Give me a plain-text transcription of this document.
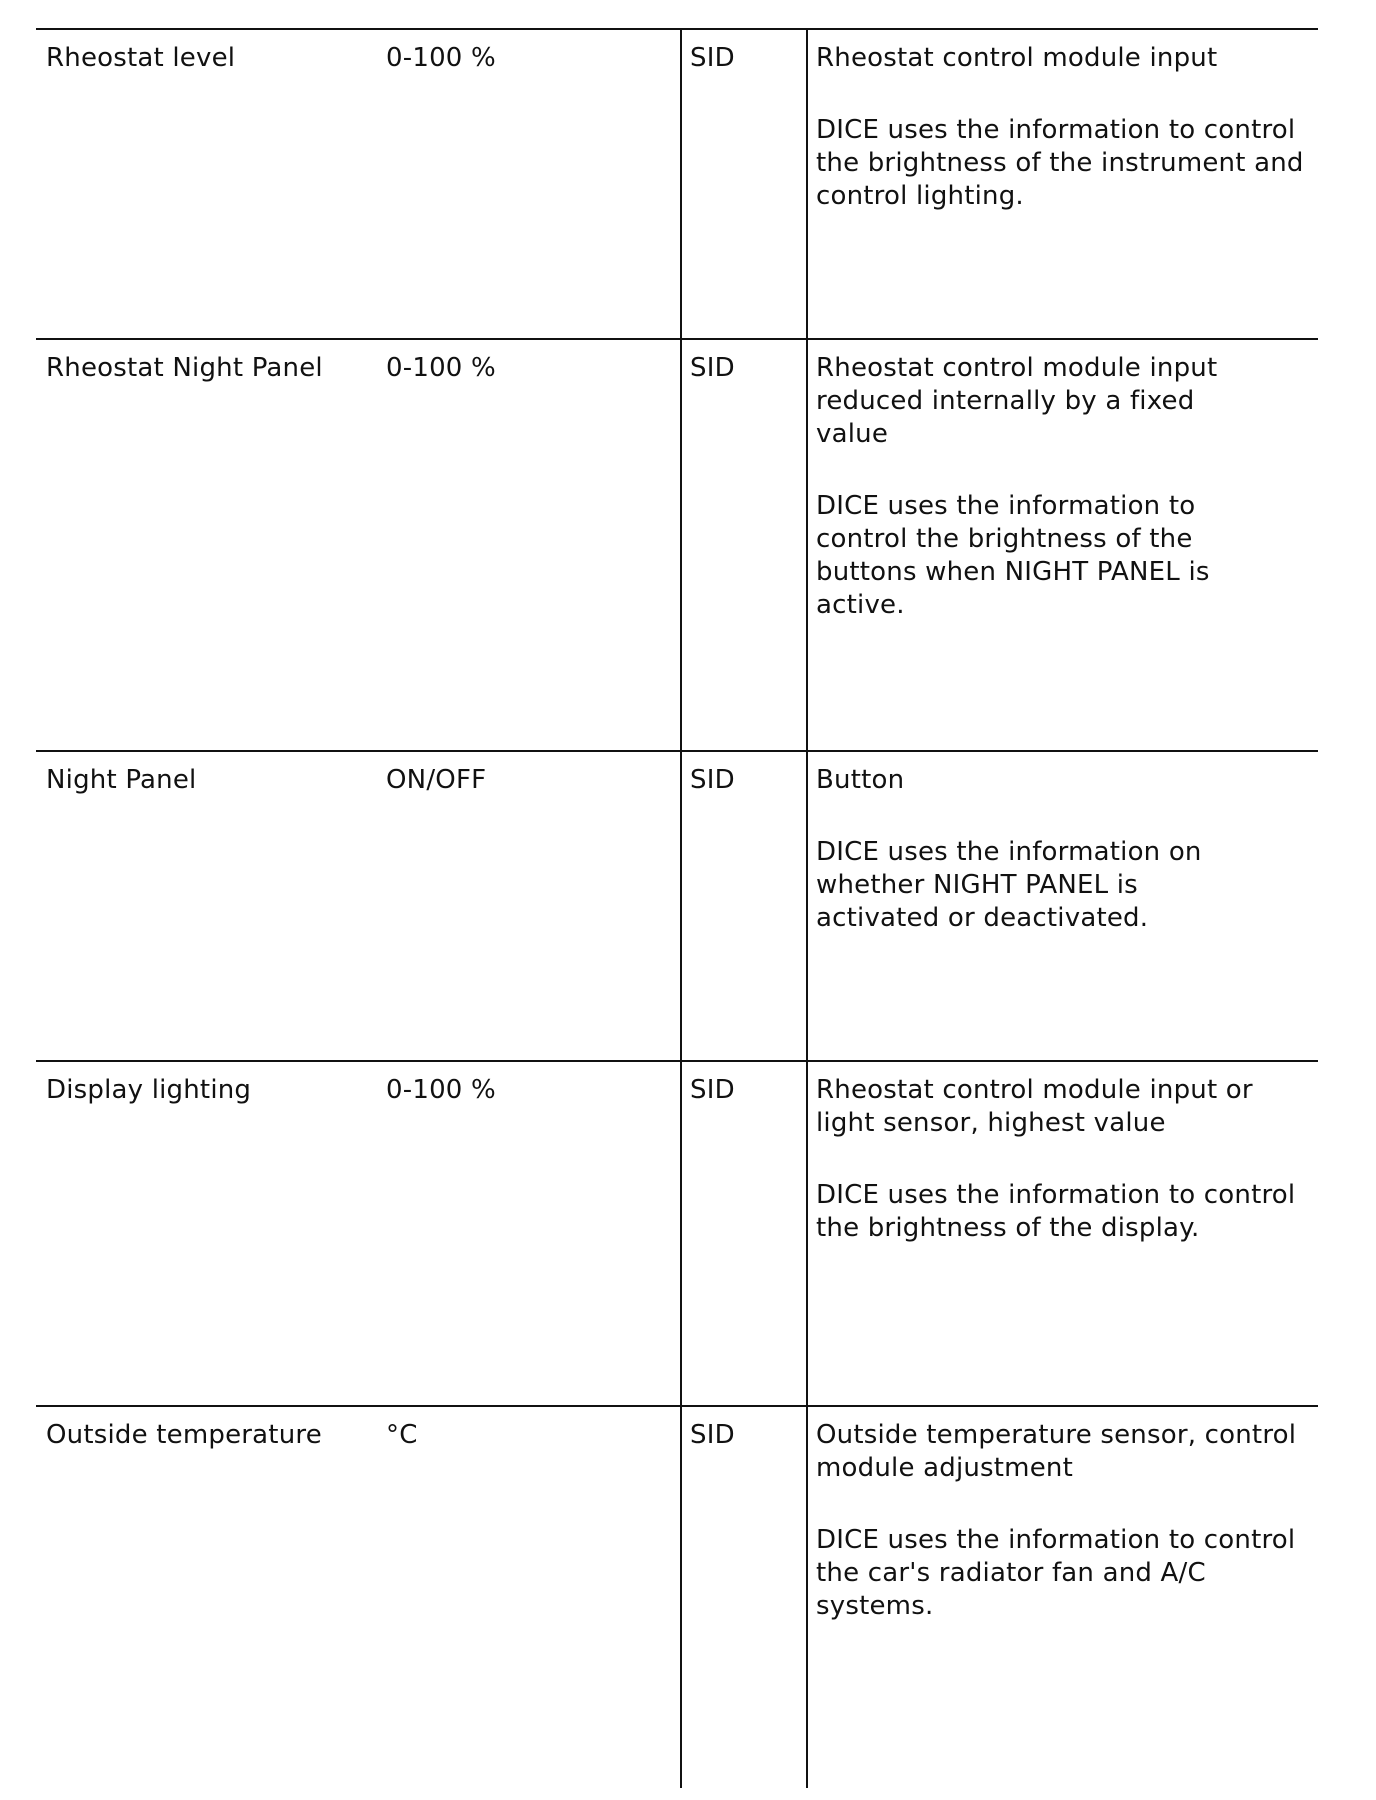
Rheostat level	0-100 %	SID	Rheostat control module input

DICE uses the information to control the brightness of the instrument and control lighting.

Rheostat Night Panel	0-100 %	SID	Rheostat control module input reduced internally by a fixed value

DICE uses the information to control the brightness of the buttons when NIGHT PANEL is active.

Night Panel	ON/OFF	SID	Button

DICE uses the information on whether NIGHT PANEL is activated or deactivated.

Display lighting	0-100 %	SID	Rheostat control module input or light sensor, highest value

DICE uses the information to control the brightness of the display.

Outside temperature	°C	SID	Outside temperature sensor, control module adjustment

DICE uses the information to control the car's radiator fan and A/C systems.
